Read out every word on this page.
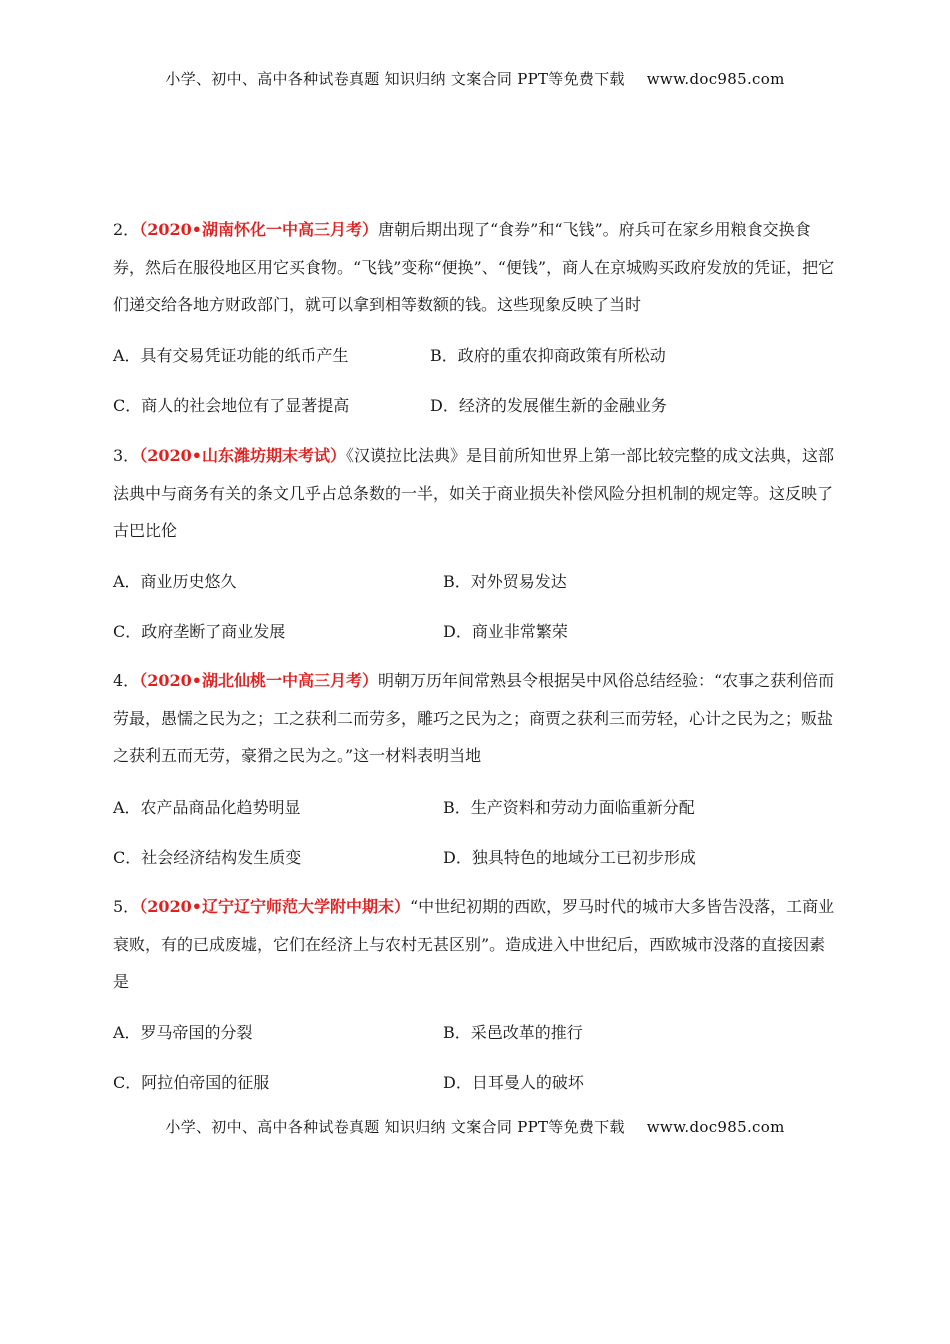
小学、初中、高中各种试卷真题 知识归纳 文案合同 PPT等免费下载 www.doc985.com
2．（2020•湖南怀化一中高三月考）唐朝后期出现了“食券”和“飞钱”。府兵可在家乡用粮食交换食券，然后在服役地区用它买食物。“飞钱”变称“便换”、“便钱”，商人在京城购买政府发放的凭证，把它们递交给各地方财政部门，就可以拿到相等数额的钱。这些现象反映了当时
A．具有交易凭证功能的纸币产生	B．政府的重农抑商政策有所松动
C．商人的社会地位有了显著提高	D．经济的发展催生新的金融业务
3．（2020•山东潍坊期末考试）《汉谟拉比法典》是目前所知世界上第一部比较完整的成文法典，这部法典中与商务有关的条文几乎占总条数的一半，如关于商业损失补偿风险分担机制的规定等。这反映了古巴比伦
A．商业历史悠久	B．对外贸易发达
C．政府垄断了商业发展	D．商业非常繁荣
4．（2020•湖北仙桃一中高三月考）明朝万历年间常熟县令根据吴中风俗总结经验：“农事之获利倍而劳最，愚懦之民为之；工之获利二而劳多，雕巧之民为之；商贾之获利三而劳轻，心计之民为之；贩盐之获利五而无劳，豪猾之民为之。”这一材料表明当地
A．农产品商品化趋势明显	B．生产资料和劳动力面临重新分配
C．社会经济结构发生质变	D．独具特色的地域分工已初步形成
5．（2020•辽宁辽宁师范大学附中期末）“中世纪初期的西欧，罗马时代的城市大多皆告没落，工商业衰败，有的已成废墟，它们在经济上与农村无甚区别”。造成进入中世纪后，西欧城市没落的直接因素是
A．罗马帝国的分裂	B．采邑改革的推行
C．阿拉伯帝国的征服	D．日耳曼人的破坏
小学、初中、高中各种试卷真题 知识归纳 文案合同 PPT等免费下载 www.doc985.com
